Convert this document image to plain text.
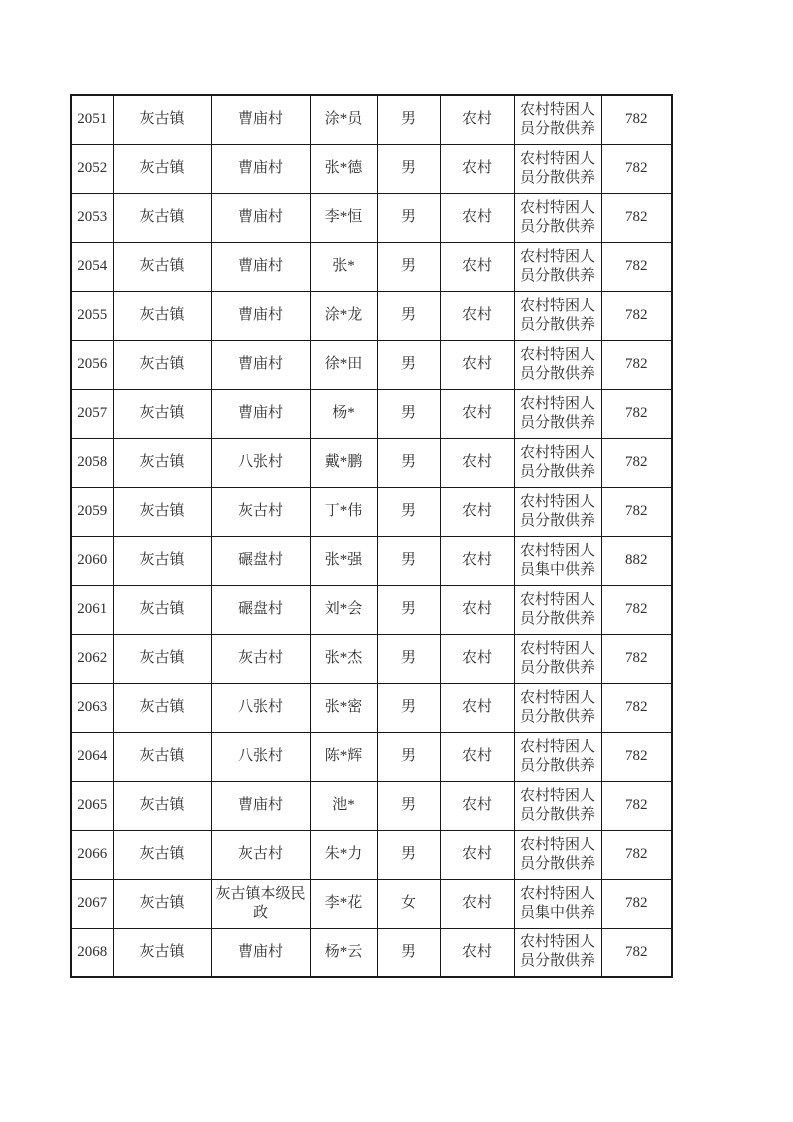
2051	灰古镇	曹庙村	涂*员	男	农村	农村特困人员分散供养	782
2052	灰古镇	曹庙村	张*德	男	农村	农村特困人员分散供养	782
2053	灰古镇	曹庙村	李*恒	男	农村	农村特困人员分散供养	782
2054	灰古镇	曹庙村	张*	男	农村	农村特困人员分散供养	782
2055	灰古镇	曹庙村	涂*龙	男	农村	农村特困人员分散供养	782
2056	灰古镇	曹庙村	徐*田	男	农村	农村特困人员分散供养	782
2057	灰古镇	曹庙村	杨*	男	农村	农村特困人员分散供养	782
2058	灰古镇	八张村	戴*鹏	男	农村	农村特困人员分散供养	782
2059	灰古镇	灰古村	丁*伟	男	农村	农村特困人员分散供养	782
2060	灰古镇	碾盘村	张*强	男	农村	农村特困人员集中供养	882
2061	灰古镇	碾盘村	刘*会	男	农村	农村特困人员分散供养	782
2062	灰古镇	灰古村	张*杰	男	农村	农村特困人员分散供养	782
2063	灰古镇	八张村	张*密	男	农村	农村特困人员分散供养	782
2064	灰古镇	八张村	陈*辉	男	农村	农村特困人员分散供养	782
2065	灰古镇	曹庙村	池*	男	农村	农村特困人员分散供养	782
2066	灰古镇	灰古村	朱*力	男	农村	农村特困人员分散供养	782
2067	灰古镇	灰古镇本级民政	李*花	女	农村	农村特困人员集中供养	782
2068	灰古镇	曹庙村	杨*云	男	农村	农村特困人员分散供养	782
